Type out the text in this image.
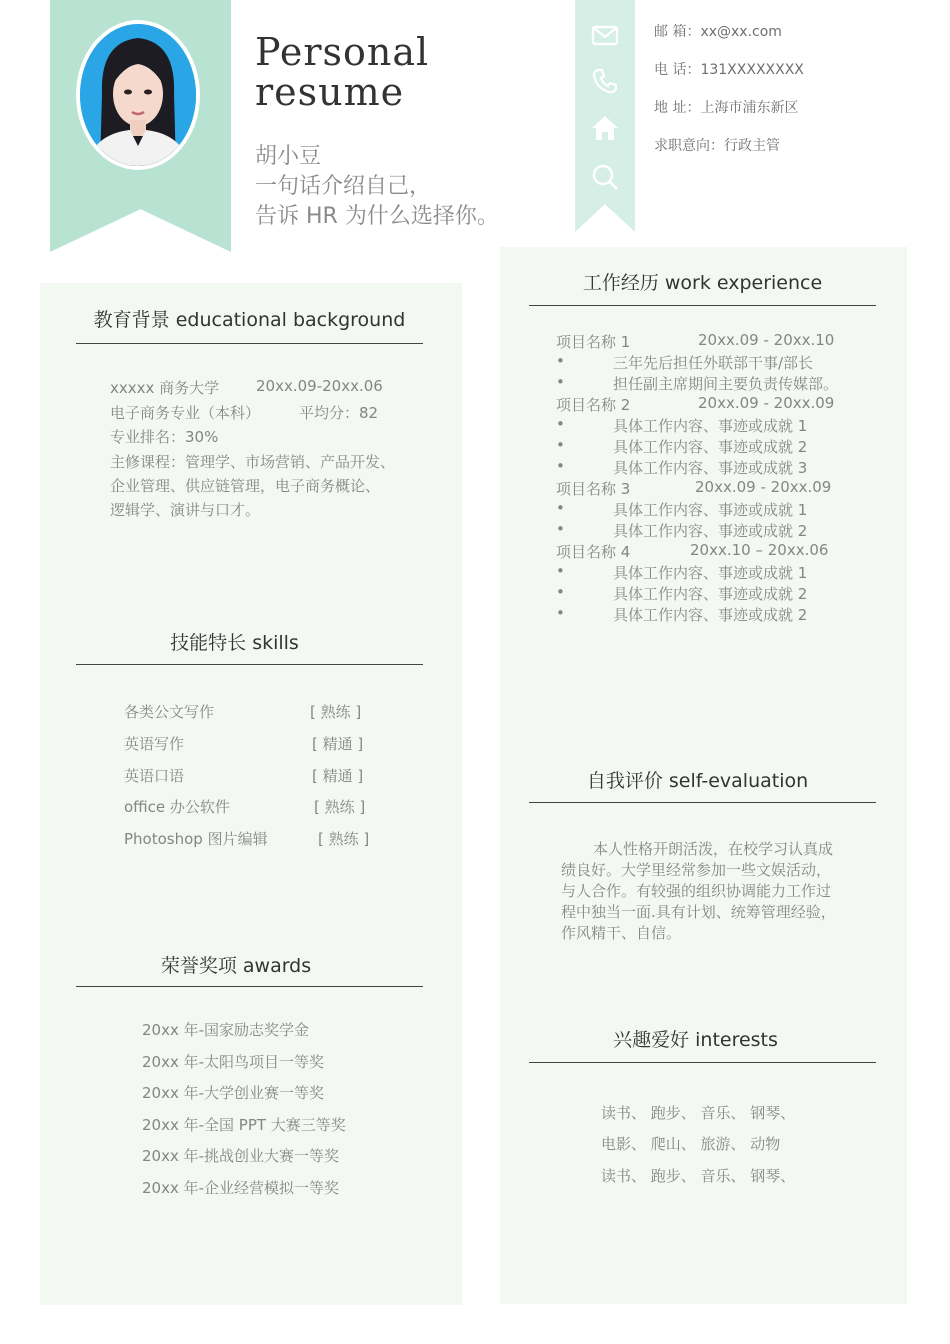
Personal
resume
胡小豆
一句话介绍自己，
告诉 HR 为什么选择你。
邮 箱：xx@xx.com
电 话：131XXXXXXXX
地 址：上海市浦东新区
求职意向：行政主管
教育背景 educational background
xxxxx 商务大学 20xx.09-20xx.06
电子商务专业（本科）	平均分：82
专业排名：30%
主修课程：管理学、市场营销、产品开发、
企业管理、供应链管理，电子商务概论、
逻辑学、演讲与口才。
技能特长 skills
各类公文写作	[ 熟练 ]
英语写作	[ 精通 ]
英语口语	[ 精通 ]
office 办公软件	[ 熟练 ]
Photoshop 图片编辑	[ 熟练 ]
荣誉奖项 awards
20xx 年-国家励志奖学金
20xx 年-太阳鸟项目一等奖
20xx 年-大学创业赛一等奖
20xx 年-全国 PPT 大赛三等奖
20xx 年-挑战创业大赛一等奖
20xx 年-企业经营模拟一等奖
工作经历 work experience
项目名称 1	20xx.09 - 20xx.10
•	三年先后担任外联部干事/部长
•	担任副主席期间主要负责传媒部。
项目名称 2	20xx.09 - 20xx.09
•	具体工作内容、事迹或成就 1
•	具体工作内容、事迹或成就 2
•	具体工作内容、事迹或成就 3
项目名称 3	20xx.09 - 20xx.09
•	具体工作内容、事迹或成就 1
•	具体工作内容、事迹或成就 2
项目名称 4	20xx.10 – 20xx.06
•	具体工作内容、事迹或成就 1
•	具体工作内容、事迹或成就 2
•	具体工作内容、事迹或成就 2
自我评价 self-evaluation
本人性格开朗活泼，在校学习认真成
绩良好。大学里经常参加一些文娱活动，
与人合作。有较强的组织协调能力工作过
程中独当一面.具有计划、统筹管理经验，
作风精干、自信。
兴趣爱好 interests
读书、 跑步、 音乐、 钢琴、
电影、 爬山、 旅游、 动物
读书、 跑步、 音乐、 钢琴、
